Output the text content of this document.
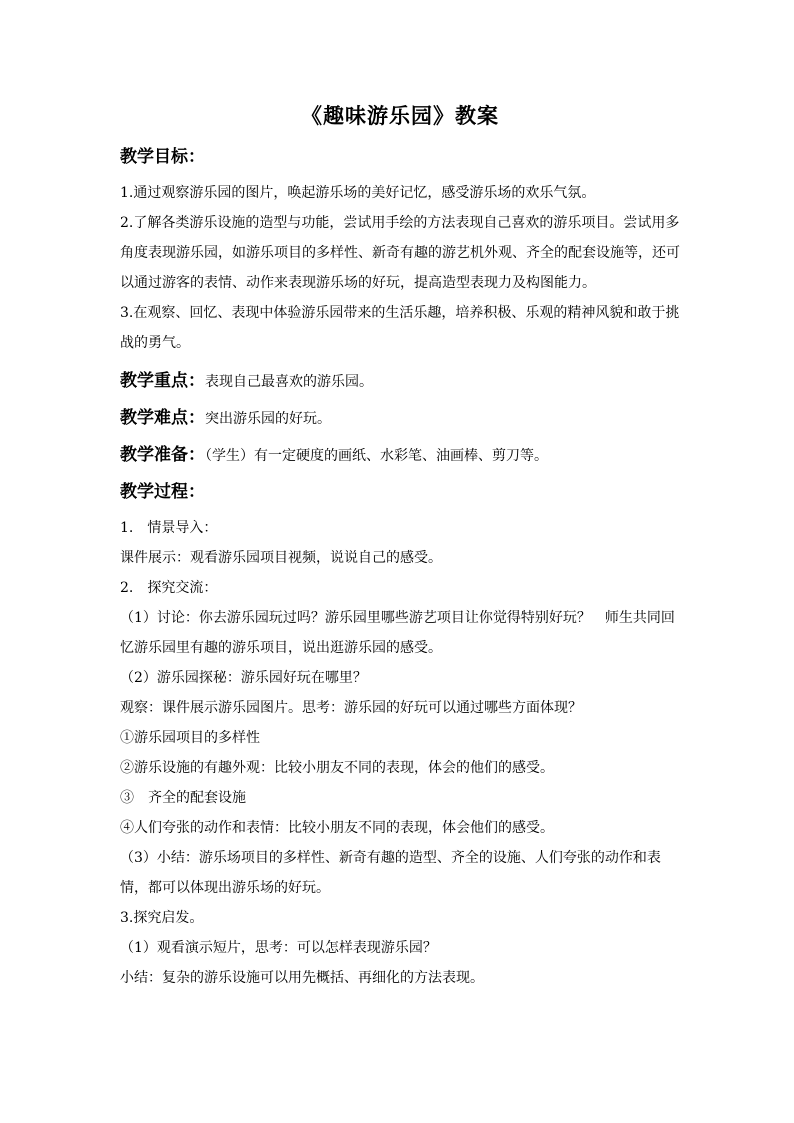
《趣味游乐园》教案
教学目标：

1.通过观察游乐园的图片，唤起游乐场的美好记忆，感受游乐场的欢乐气氛。

2.了解各类游乐设施的造型与功能，尝试用手绘的方法表现自己喜欢的游乐项目。尝试用多角度表现游乐园，如游乐项目的多样性、新奇有趣的游艺机外观、齐全的配套设施等，还可以通过游客的表情、动作来表现游乐场的好玩，提高造型表现力及构图能力。

3.在观察、回忆、表现中体验游乐园带来的生活乐趣，培养积极、乐观的精神风貌和敢于挑战的勇气。

教学重点：表现自己最喜欢的游乐园。
教学难点：突出游乐园的好玩。
教学准备：（学生）有一定硬度的画纸、水彩笔、油画棒、剪刀等。
教学过程：

1.　情景导入：

课件展示：观看游乐园项目视频，说说自己的感受。

2.　探究交流：

（1）讨论：你去游乐园玩过吗？游乐园里哪些游艺项目让你觉得特别好玩？　师生共同回忆游乐园里有趣的游乐项目，说出逛游乐园的感受。

（2）游乐园探秘：游乐园好玩在哪里？

观察：课件展示游乐园图片。思考：游乐园的好玩可以通过哪些方面体现？

①游乐园项目的多样性

②游乐设施的有趣外观：比较小朋友不同的表现，体会的他们的感受。

③　齐全的配套设施

④人们夸张的动作和表情：比较小朋友不同的表现，体会他们的感受。

（3）小结：游乐场项目的多样性、新奇有趣的造型、齐全的设施、人们夸张的动作和表情，都可以体现出游乐场的好玩。

3.探究启发。

（1）观看演示短片，思考：可以怎样表现游乐园？

小结：复杂的游乐设施可以用先概括、再细化的方法表现。
